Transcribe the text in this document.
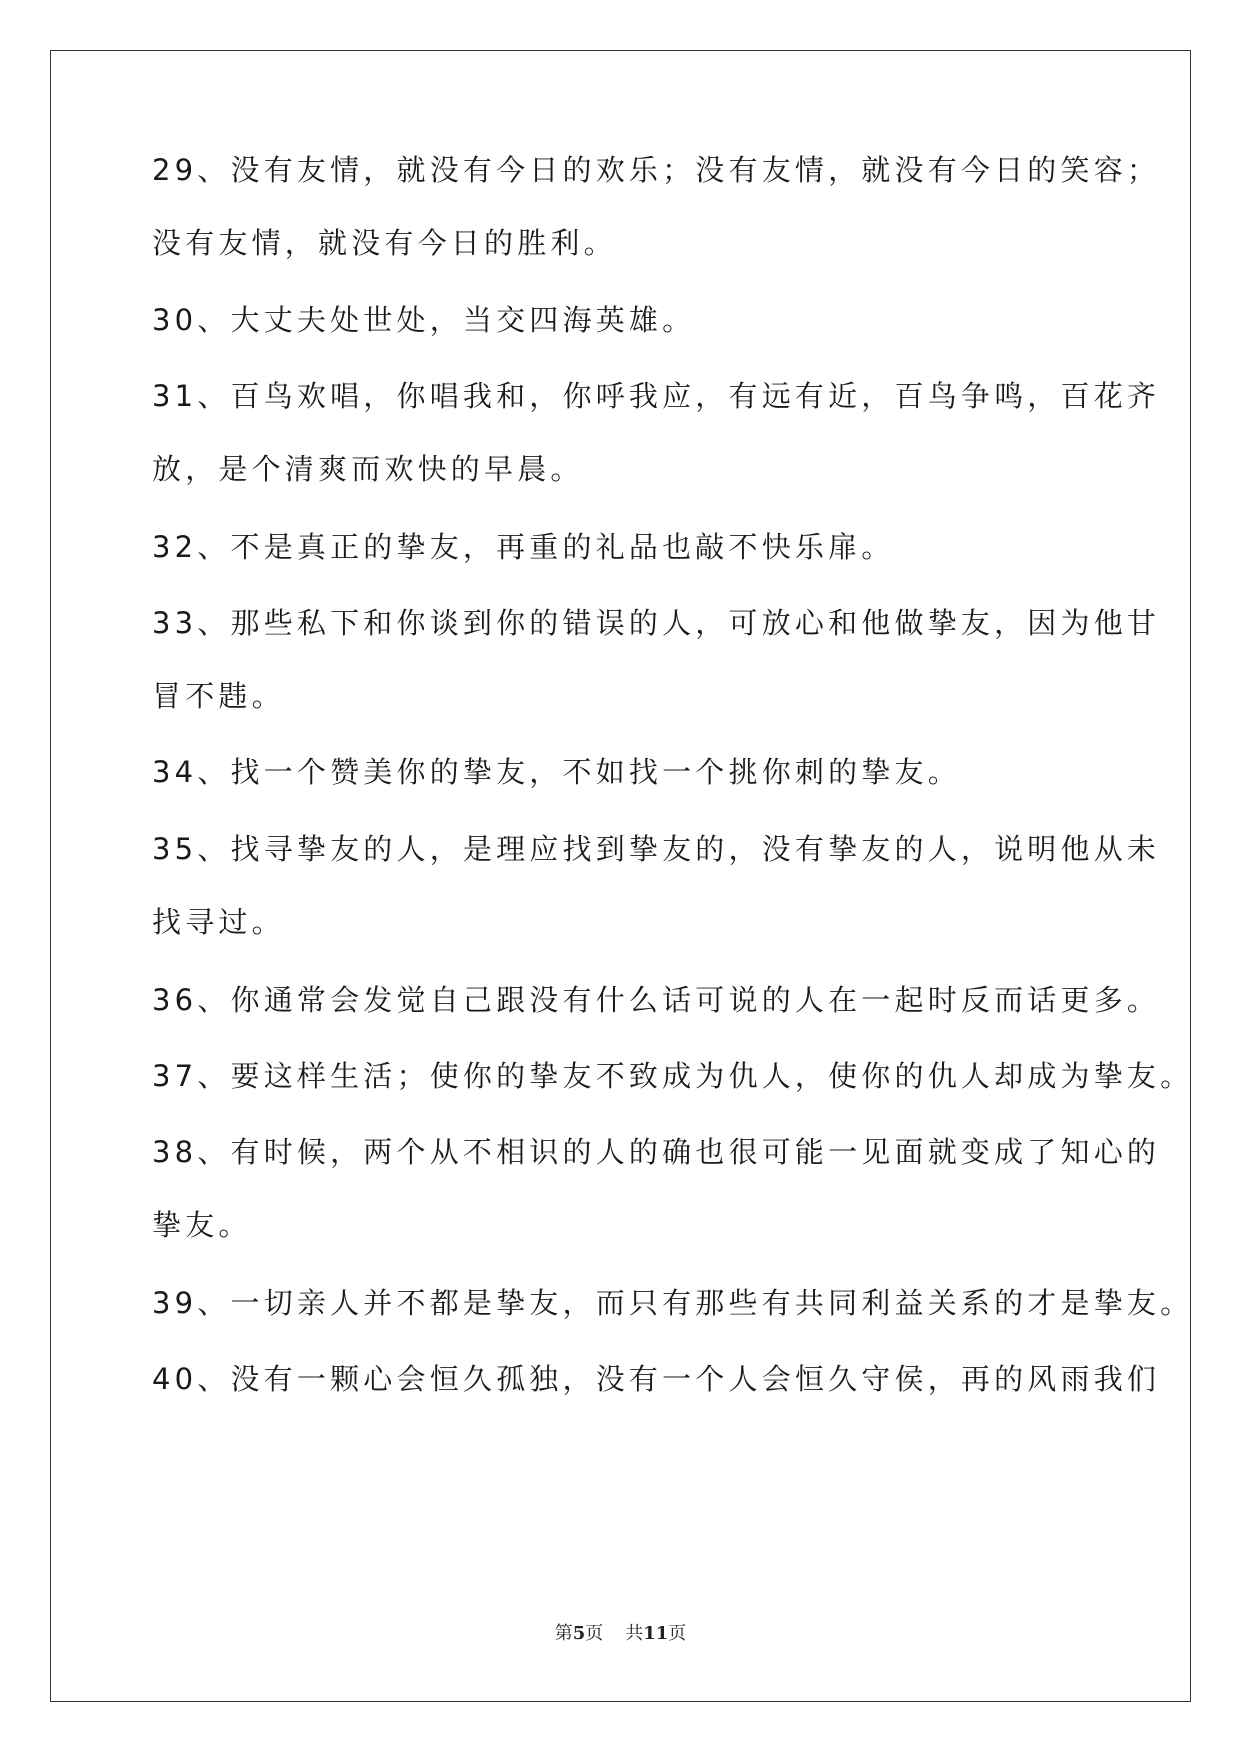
29、没有友情，就没有今日的欢乐；没有友情，就没有今日的笑容；
没有友情，就没有今日的胜利。
30、大丈夫处世处，当交四海英雄。
31、百鸟欢唱，你唱我和，你呼我应，有远有近，百鸟争鸣，百花齐
放，是个清爽而欢快的早晨。
32、不是真正的挚友，再重的礼品也敲不快乐扉。
33、那些私下和你谈到你的错误的人，可放心和他做挚友，因为他甘
冒不韪。
34、找一个赞美你的挚友，不如找一个挑你刺的挚友。
35、找寻挚友的人，是理应找到挚友的，没有挚友的人，说明他从未
找寻过。
36、你通常会发觉自己跟没有什么话可说的人在一起时反而话更多。
37、要这样生活；使你的挚友不致成为仇人，使你的仇人却成为挚友。
38、有时候，两个从不相识的人的确也很可能一见面就变成了知心的
挚友。
39、一切亲人并不都是挚友，而只有那些有共同利益关系的才是挚友。
40、没有一颗心会恒久孤独，没有一个人会恒久守侯，再的风雨我们
第5页 共11页
